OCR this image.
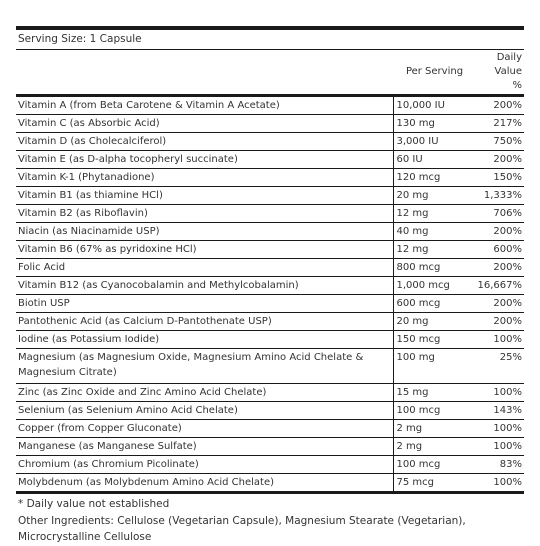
Serving Size: 1 Capsule
	Per Serving	Daily Value
%
Vitamin A (from Beta Carotene & Vitamin A Acetate)	10,000 IU	200%
Vitamin C (as Absorbic Acid)	130 mg	217%
Vitamin D (as Cholecalciferol)	3,000 IU	750%
Vitamin E (as D-alpha tocopheryl succinate)	60 IU	200%
Vitamin K-1 (Phytanadione)	120 mcg	150%
Vitamin B1 (as thiamine HCl)	20 mg	1,333%
Vitamin B2 (as Riboflavin)	12 mg	706%
Niacin (as Niacinamide USP)	40 mg	200%
Vitamin B6 (67% as pyridoxine HCl)	12 mg	600%
Folic Acid	800 mcg	200%
Vitamin B12 (as Cyanocobalamin and Methylcobalamin)	1,000 mcg	16,667%
Biotin USP	600 mcg	200%
Pantothenic Acid (as Calcium D-Pantothenate USP)	20 mg	200%
Iodine (as Potassium Iodide)	150 mcg	100%
Magnesium (as Magnesium Oxide, Magnesium Amino Acid Chelate & Magnesium Citrate)	100 mg	25%
Zinc (as Zinc Oxide and Zinc Amino Acid Chelate)	15 mg	100%
Selenium (as Selenium Amino Acid Chelate)	100 mcg	143%
Copper (from Copper Gluconate)	2 mg	100%
Manganese (as Manganese Sulfate)	2 mg	100%
Chromium (as Chromium Picolinate)	100 mcg	83%
Molybdenum (as Molybdenum Amino Acid Chelate)	75 mcg	100%
* Daily value not established
Other Ingredients: Cellulose (Vegetarian Capsule), Magnesium Stearate (Vegetarian),
Microcrystalline Cellulose
